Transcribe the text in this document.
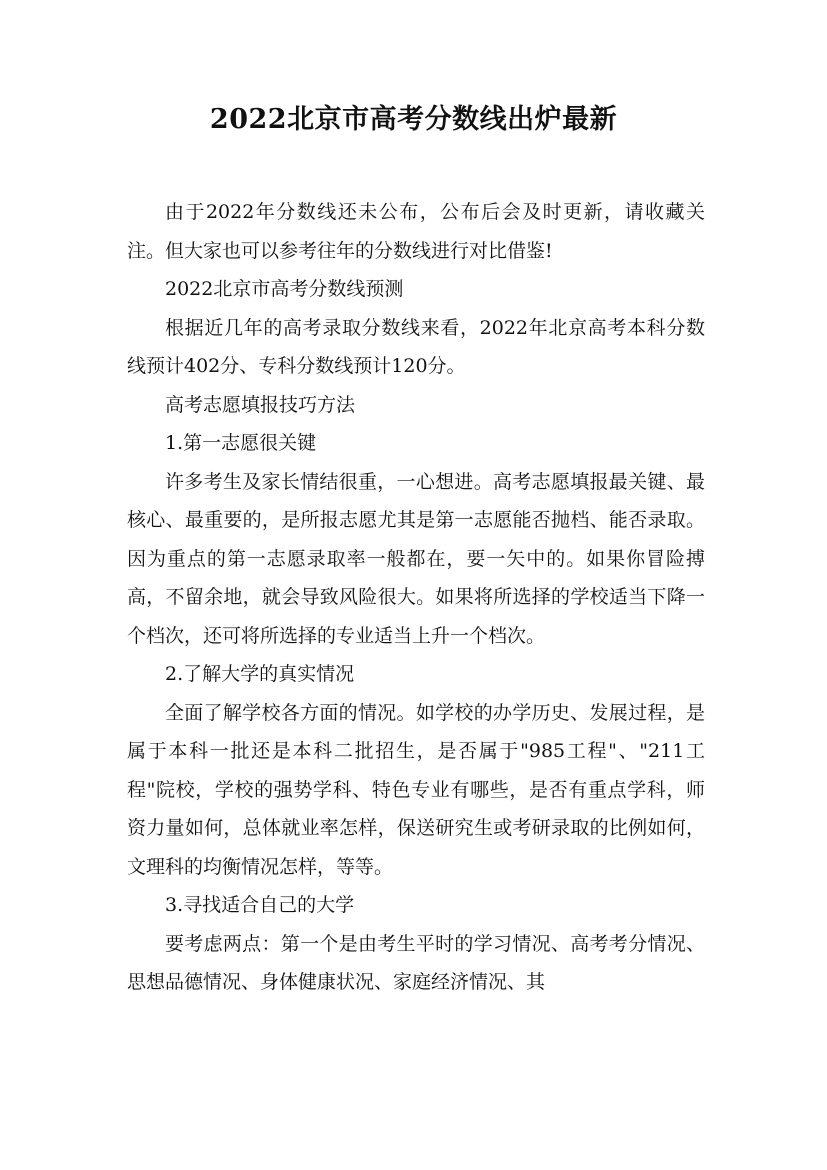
2022北京市高考分数线出炉最新

由于2022年分数线还未公布，公布后会及时更新，请收藏关注。但大家也可以参考往年的分数线进行对比借鉴!

2022北京市高考分数线预测

根据近几年的高考录取分数线来看，2022年北京高考本科分数线预计402分、专科分数线预计120分。

高考志愿填报技巧方法

1.第一志愿很关键

许多考生及家长情结很重，一心想进。高考志愿填报最关键、最核心、最重要的，是所报志愿尤其是第一志愿能否抛档、能否录取。因为重点的第一志愿录取率一般都在，要一矢中的。如果你冒险搏高，不留余地，就会导致风险很大。如果将所选择的学校适当下降一个档次，还可将所选择的专业适当上升一个档次。

2.了解大学的真实情况

全面了解学校各方面的情况。如学校的办学历史、发展过程，是属于本科一批还是本科二批招生，是否属于"985工程"、"211工程"院校，学校的强势学科、特色专业有哪些，是否有重点学科，师资力量如何，总体就业率怎样，保送研究生或考研录取的比例如何，文理科的均衡情况怎样，等等。

3.寻找适合自己的大学

要考虑两点：第一个是由考生平时的学习情况、高考考分情况、思想品德情况、身体健康状况、家庭经济情况、其
